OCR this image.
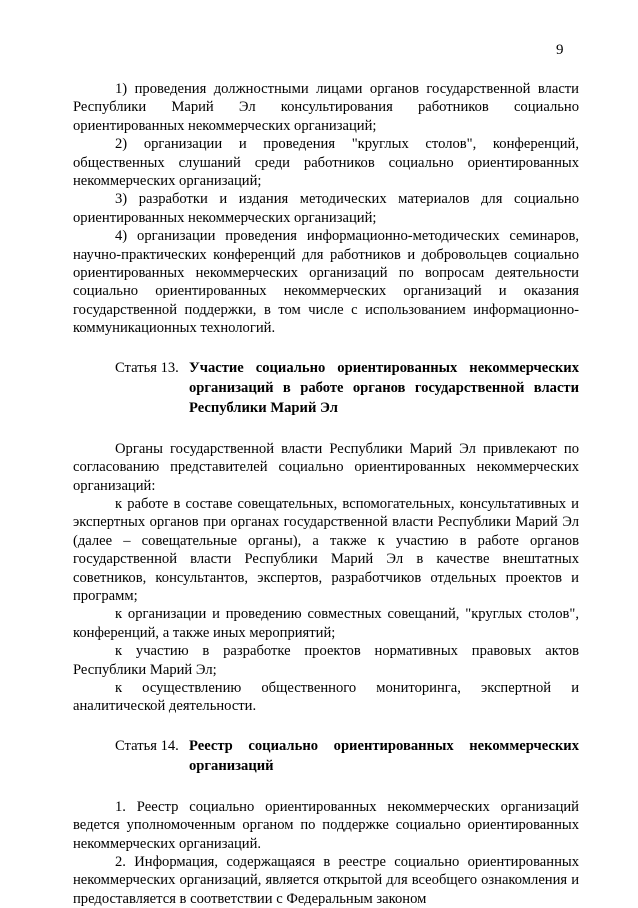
9

1) проведения должностными лицами органов государственной власти Республики Марий Эл консультирования работников социально ориентированных некоммерческих организаций;

2) организации и проведения "круглых столов", конференций, общественных слушаний среди работников социально ориентированных некоммерческих организаций;

3) разработки и издания методических материалов для социально ориентированных некоммерческих организаций;

4) организации проведения информационно-методических семинаров, научно-практических конференций для работников и добровольцев социально ориентированных некоммерческих организаций по вопросам деятельности социально ориентированных некоммерческих организаций и оказания государственной поддержки, в том числе с использованием информационно-коммуникационных технологий.

Статья 13. Участие социально ориентированных некоммерческих организаций в работе органов государственной власти Республики Марий Эл

Органы государственной власти Республики Марий Эл привлекают по согласованию представителей социально ориентированных некоммерческих организаций:

к работе в составе совещательных, вспомогательных, консультативных и экспертных органов при органах государственной власти Республики Марий Эл (далее – совещательные органы), а также к участию в работе органов государственной власти Республики Марий Эл в качестве внештатных советников, консультантов, экспертов, разработчиков отдельных проектов и программ;

к организации и проведению совместных совещаний, "круглых столов", конференций, а также иных мероприятий;

к участию в разработке проектов нормативных правовых актов Республики Марий Эл;

к осуществлению общественного мониторинга, экспертной и аналитической деятельности.

Статья 14. Реестр социально ориентированных некоммерческих организаций

1. Реестр социально ориентированных некоммерческих организаций ведется уполномоченным органом по поддержке социально ориентированных некоммерческих организаций.

2. Информация, содержащаяся в реестре социально ориентированных некоммерческих организаций, является открытой для всеобщего ознакомления и предоставляется в соответствии с Федеральным законом
